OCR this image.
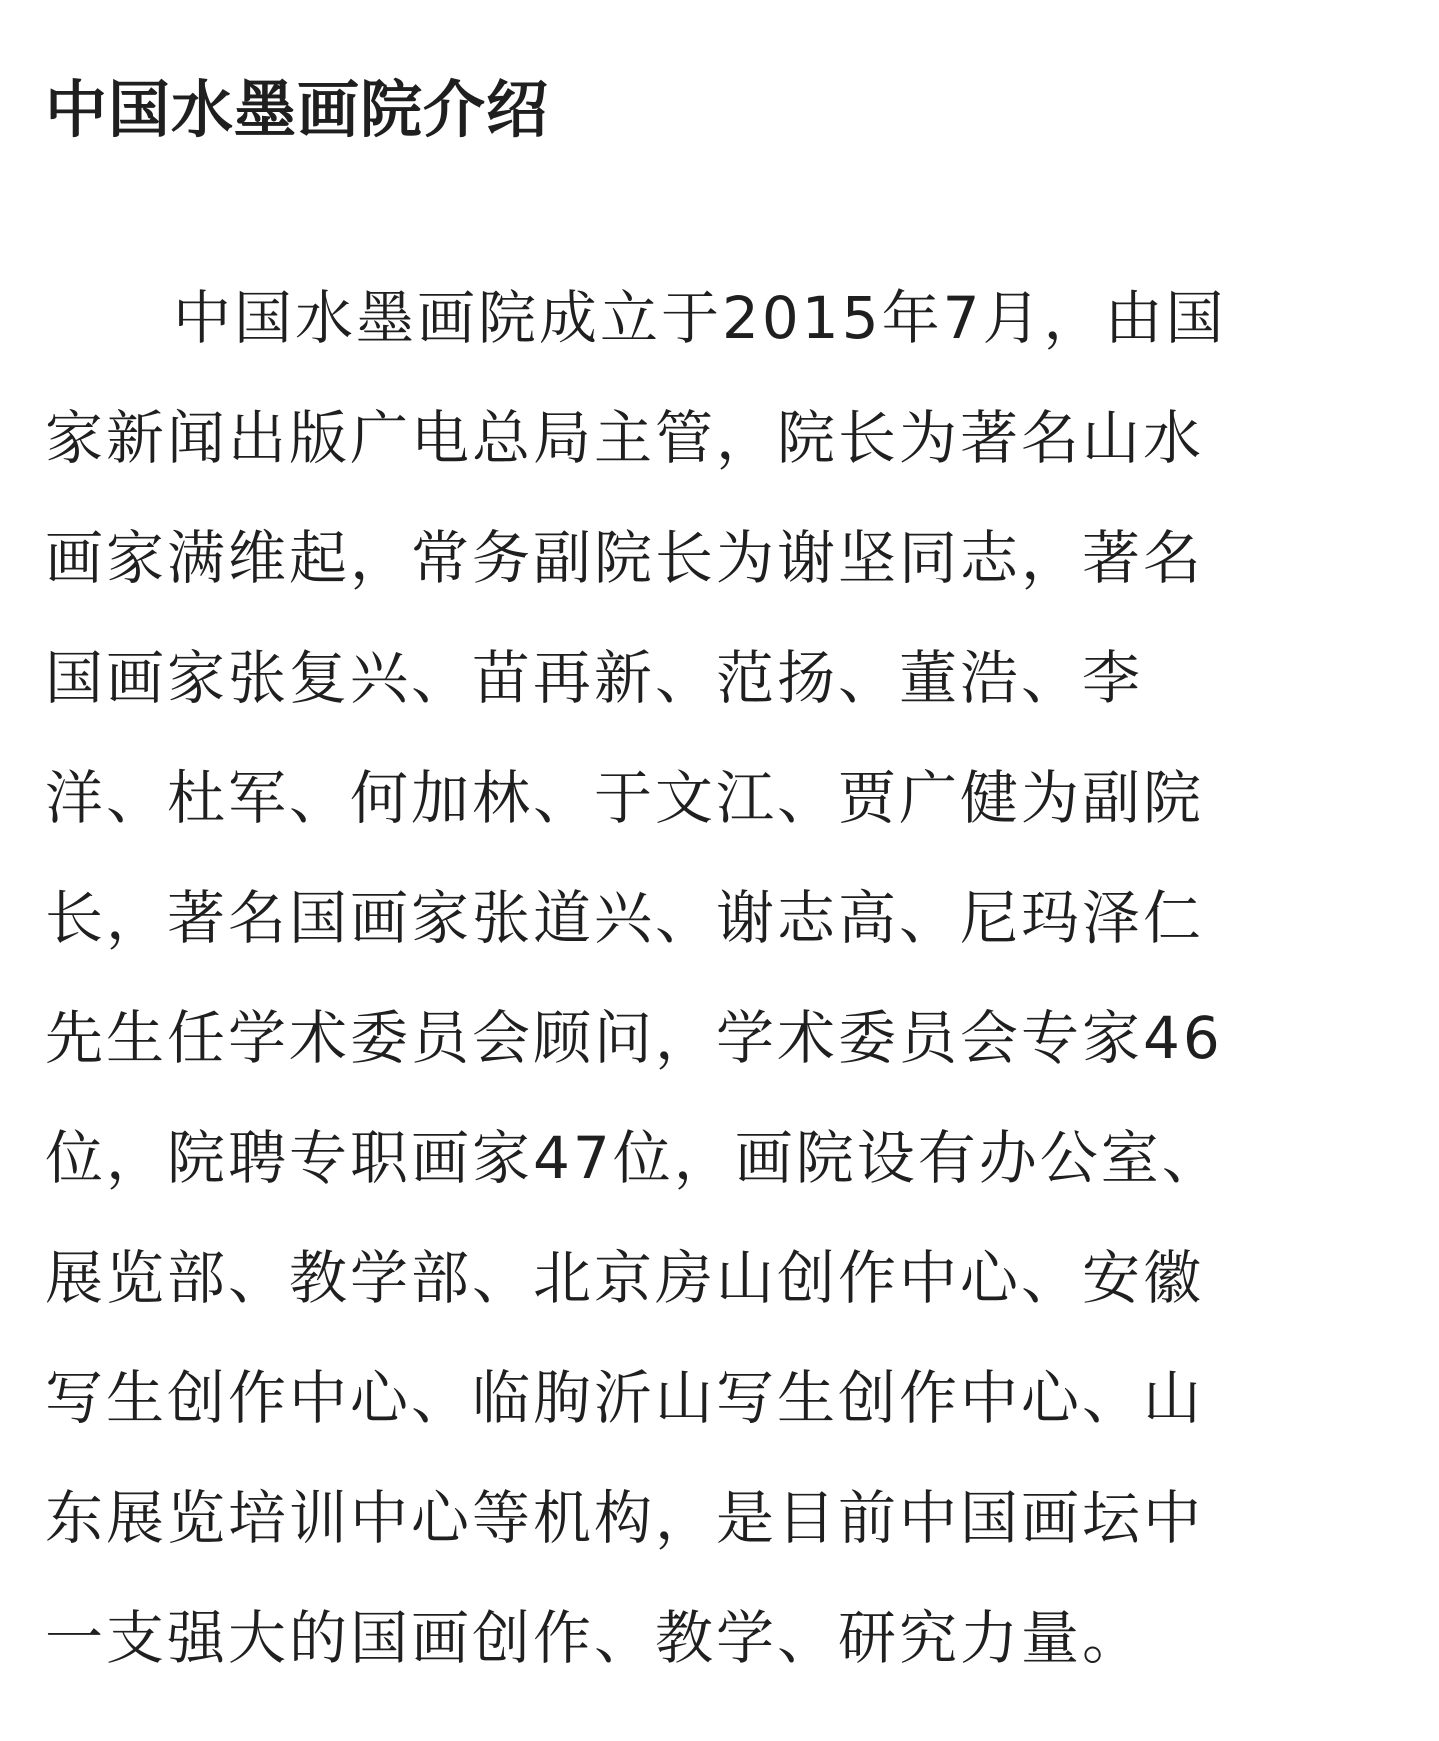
中国水墨画院介绍
中国水墨画院成立于2015年7月，由国
家新闻出版广电总局主管，院长为著名山水
画家满维起，常务副院长为谢坚同志，著名
国画家张复兴、苗再新、范扬、董浩、李
洋、杜军、何加林、于文江、贾广健为副院
长，著名国画家张道兴、谢志高、尼玛泽仁
先生任学术委员会顾问，学术委员会专家46
位，院聘专职画家47位，画院设有办公室、
展览部、教学部、北京房山创作中心、安徽
写生创作中心、临朐沂山写生创作中心、山
东展览培训中心等机构，是目前中国画坛中
一支强大的国画创作、教学、研究力量。
